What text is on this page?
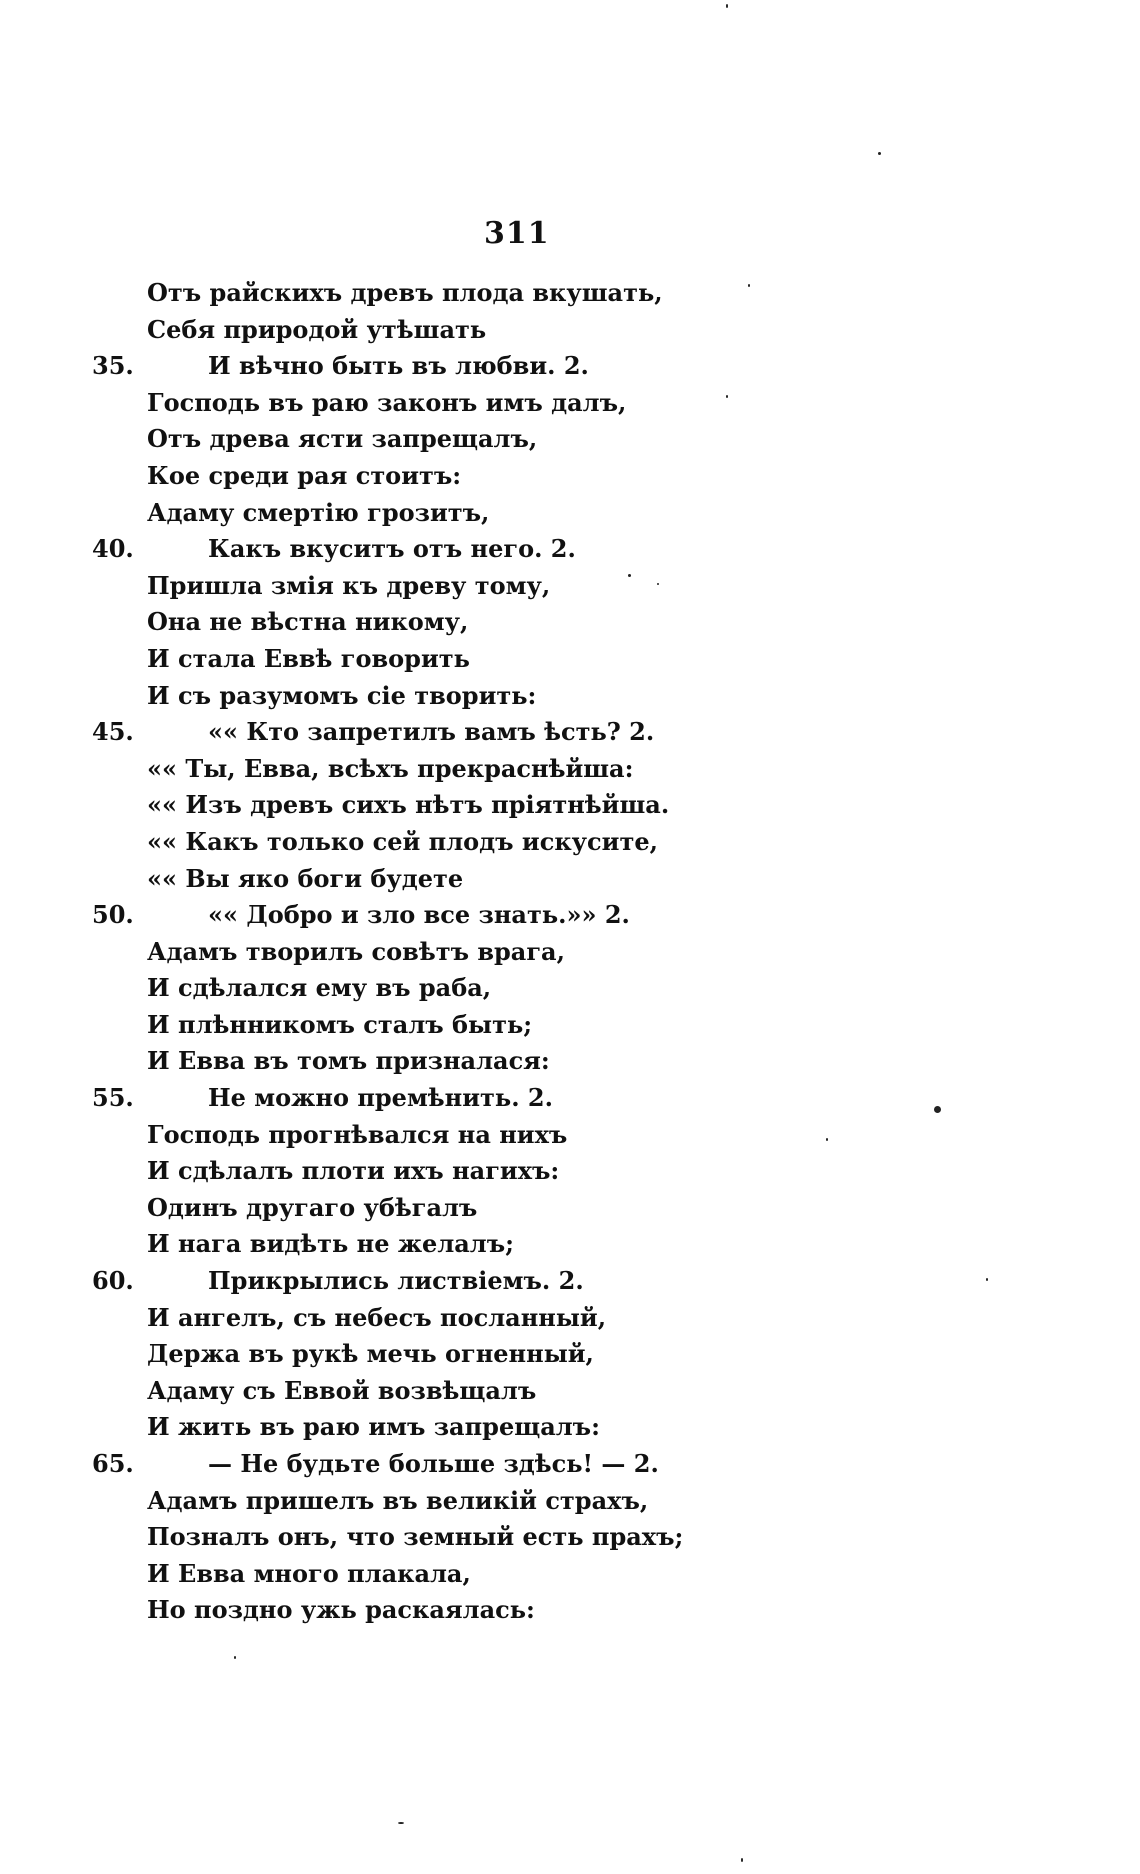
311
Отъ райскихъ древъ плода вкушать,
Себя природой утѣшать
35.	И вѣчно быть въ любви. 2.
Господь въ раю законъ имъ далъ,
Отъ древа ясти запрещалъ,
Кое среди рая стоитъ:
Адаму смертію грозитъ,
40.	Какъ вкуситъ отъ него. 2.
Пришла змія къ древу тому,
Она не вѣстна никому,
И стала Еввѣ говорить
И съ разумомъ сіе творить:
45.	«« Кто запретилъ вамъ ѣсть? 2.
«« Ты, Евва, всѣхъ прекраснѣйша:
«« Изъ древъ сихъ нѣтъ пріятнѣйша.
«« Какъ только сей плодъ искусите,
«« Вы яко боги будете
50.	«« Добро и зло все знать.»» 2.
Адамъ творилъ совѣтъ врага,
И сдѣлался ему въ раба,
И плѣнникомъ сталъ быть;
И Евва въ томъ призналася:
55.	Не можно премѣнить. 2.
Господь прогнѣвался на нихъ
И сдѣлалъ плоти ихъ нагихъ:
Одинъ другаго убѣгалъ
И нага видѣть не желалъ;
60.	Прикрылись листвіемъ. 2.
И ангелъ, съ небесъ посланный,
Держа въ рукѣ мечь огненный,
Адаму съ Еввой возвѣщалъ
И жить въ раю имъ запрещалъ:
65.	— Не будьте больше здѣсь! — 2.
Адамъ пришелъ въ великій страхъ,
Позналъ онъ, что земный есть прахъ;
И Евва много плакала,
Но поздно ужь раскаялась:
